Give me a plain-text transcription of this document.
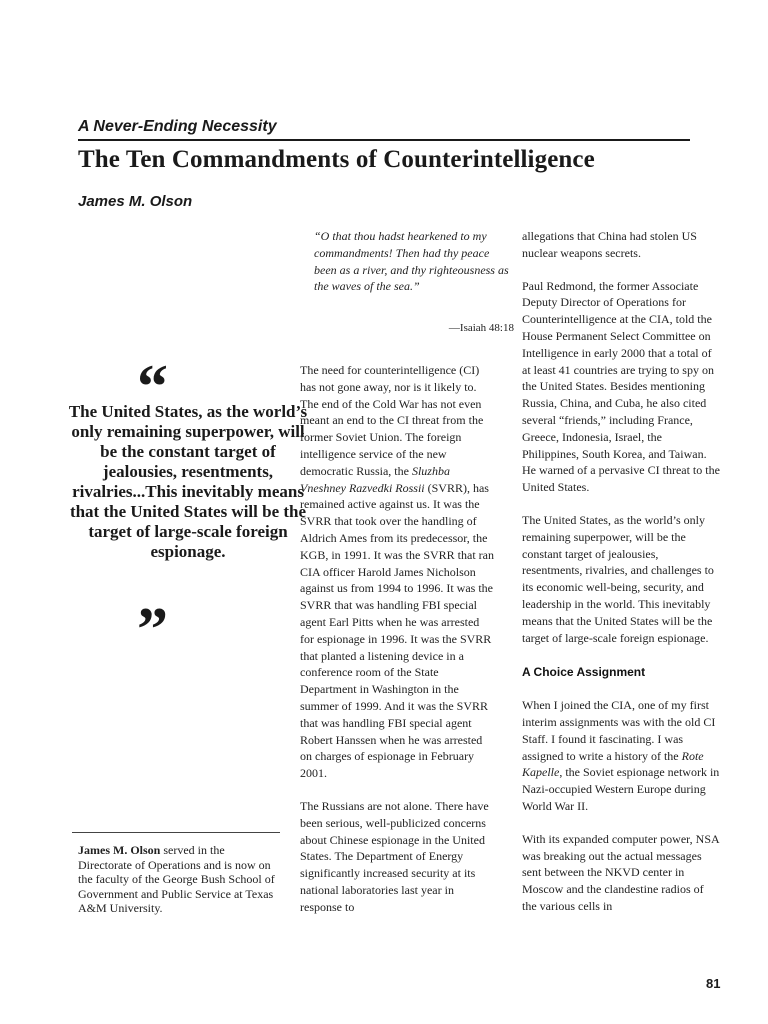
A Never-Ending Necessity
The Ten Commandments of Counterintelligence
James M. Olson
“
The United States, as the world’s only remaining superpower, will be the constant target of jealousies, resentments, rivalries...This inevitably means that the United States will be the target of large-scale foreign espionage.
”
James M. Olson served in the Directorate of Operations and is now on the faculty of the George Bush School of Government and Public Service at Texas A&M University.
“O that thou hadst hearkened to my commandments! Then had thy peace been as a river, and thy righteousness as the waves of the sea.”
—Isaiah 48:18

The need for counterintelligence (CI) has not gone away, nor is it likely to. The end of the Cold War has not even meant an end to the CI threat from the former Soviet Union. The foreign intelligence service of the new democratic Russia, the Sluzhba Vneshney Razvedki Rossii (SVRR), has remained active against us. It was the SVRR that took over the handling of Aldrich Ames from its predecessor, the KGB, in 1991. It was the SVRR that ran CIA officer Harold James Nicholson against us from 1994 to 1996. It was the SVRR that was handling FBI special agent Earl Pitts when he was arrested for espionage in 1996. It was the SVRR that planted a listening device in a conference room of the State Department in Washington in the summer of 1999. And it was the SVRR that was handling FBI special agent Robert Hanssen when he was arrested on charges of espionage in February 2001.

The Russians are not alone. There have been serious, well-publicized concerns about Chinese espionage in the United States. The Department of Energy significantly increased security at its national laboratories last year in response to

allegations that China had stolen US nuclear weapons secrets.

Paul Redmond, the former Associate Deputy Director of Operations for Counterintelligence at the CIA, told the House Permanent Select Committee on Intelligence in early 2000 that a total of at least 41 countries are trying to spy on the United States. Besides mentioning Russia, China, and Cuba, he also cited several “friends,” including France, Greece, Indonesia, Israel, the Philippines, South Korea, and Taiwan. He warned of a pervasive CI threat to the United States.

The United States, as the world’s only remaining superpower, will be the constant target of jealousies, resentments, rivalries, and challenges to its economic well-being, security, and leadership in the world. This inevitably means that the United States will be the target of large-scale foreign espionage.

A Choice Assignment

When I joined the CIA, one of my first interim assignments was with the old CI Staff. I found it fascinating. I was assigned to write a history of the Rote Kapelle, the Soviet espionage network in Nazi-occupied Western Europe during World War II.

With its expanded computer power, NSA was breaking out the actual messages sent between the NKVD center in Moscow and the clandestine radios of the various cells in

81
